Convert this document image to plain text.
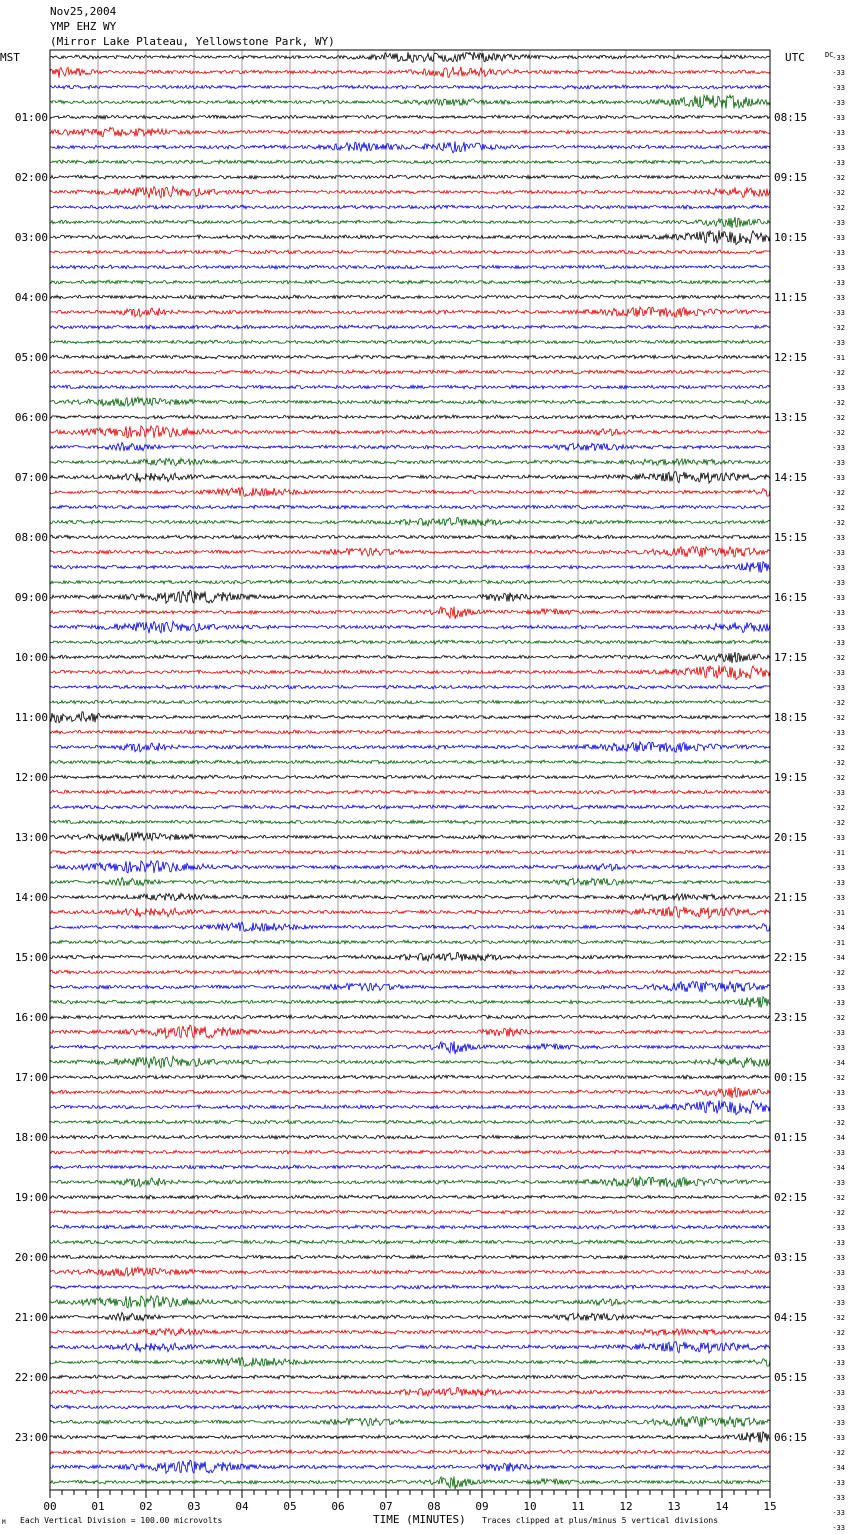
Nov25,2004
YMP EHZ WY
(Mirror Lake Plateau, Yellowstone Park, WY)
00	01	02	03	04	05	06	07	08	09	10	11	12	13	14	15
01:00
02:00
03:00
04:00
05:00
06:00
07:00
08:00
09:00
10:00
11:00
12:00
13:00
14:00
15:00
16:00
17:00
18:00
19:00
20:00
21:00
22:00
23:00
08:15
09:15
10:15
11:15
12:15
13:15
14:15
15:15
16:15
17:15
18:15
19:15
20:15
21:15
22:15
23:15
00:15
01:15
02:15
03:15
04:15
05:15
06:15
-33
-33
-33
-33
-33
-33
-33
-33
-32
-32
-32
-33
-33
-33
-33
-33
-33
-33
-32
-33
-31
-32
-33
-32
-32
-32
-33
-33
-33
-32
-32
-32
-33
-33
-33
-33
-33
-33
-33
-33
-32
-33
-33
-32
-32
-33
-32
-32
-32
-33
-32
-32
-33
-31
-33
-33
-33
-31
-34
-31
-34
-32
-33
-33
-32
-33
-33
-34
-32
-33
-33
-32
-34
-33
-34
-33
-32
-32
-33
-33
-33
-33
-33
-33
-32
-32
-33
-33
-33
-33
-33
-33
-33
-32
-34
-33
-33
-33
-33
MST	UTC	DC
M Each Vertical Division = 100.00 microvolts	TIME (MINUTES) Traces clipped at plus/minus 5 vertical divisions
